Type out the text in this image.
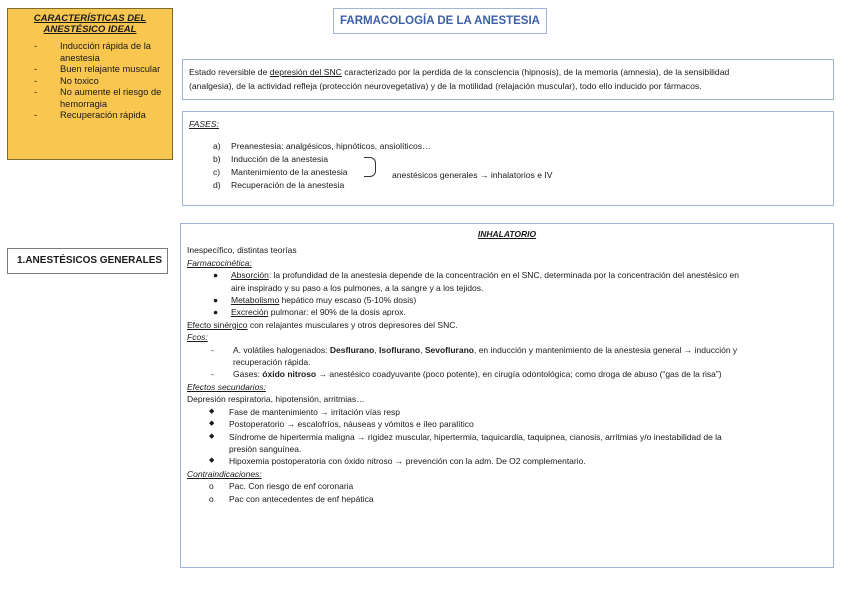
CARACTERÍSTICAS DEL
ANESTÉSICO IDEAL
- Inducción rápida de la
anestesia
- Buen relajante muscular
- No toxico
- No aumente el riesgo de
hemorragia
- Recuperación rápida
FARMACOLOGÍA DE LA ANESTESIA
Estado reversible de depresión del SNC caracterizado por la perdida de la consciencia (hipnosis), de la memoria (amnesia), de la sensibilidad
(analgesia), de la actividad refleja (protección neurovegetativa) y de la motilidad (relajación muscular), todo ello inducido por fármacos.
FASES:
a) Preanestesia: analgésicos, hipnóticos, ansiolíticos…
b) Inducción de la anestesia
c) Mantenimiento de la anestesia
d) Recuperación de la anestesia
anestésicos generales → inhalatorios e IV
1.ANESTÉSICOS GENERALES
INHALATORIO
Inespecífico, distintas teorías
Farmacocinética:
● Absorción: la profundidad de la anestesia depende de la concentración en el SNC, determinada por la concentración del anestésico en
aire inspirado y su paso a los pulmones, a la sangre y a los tejidos.
● Metabolismo hepático muy escaso (5-10% dosis)
● Excreción pulmonar: el 90% de la dosis aprox.
Efecto sinérgico con relajantes musculares y otros depresores del SNC.
Fcos:
- A. volátiles halogenados: Desflurano, Isoflurano, Sevoflurano, en inducción y mantenimiento de la anestesia general → inducción y
recuperación rápida.
- Gases: óxido nitroso → anestésico coadyuvante (poco potente), en cirugía odontológica; como droga de abuso (“gas de la risa”)
Efectos secundarios:
Depresión respiratoria, hipotensión, arritmias…
◆ Fase de mantenimiento → irritación vías resp
◆ Postoperatorio → escalofríos, náuseas y vómitos e íleo paralítico
◆ Síndrome de hipertermia maligna → rigidez muscular, hipertermia, taquicardia, taquipnea, cianosis, arritmias y/o inestabilidad de la
presión sanguínea.
◆ Hipoxemia postoperatoria con óxido nitroso → prevención con la adm. De O2 complementario.
Contraindicaciones:
o Pac. Con riesgo de enf coronaria
o Pac con antecedentes de enf hepática
